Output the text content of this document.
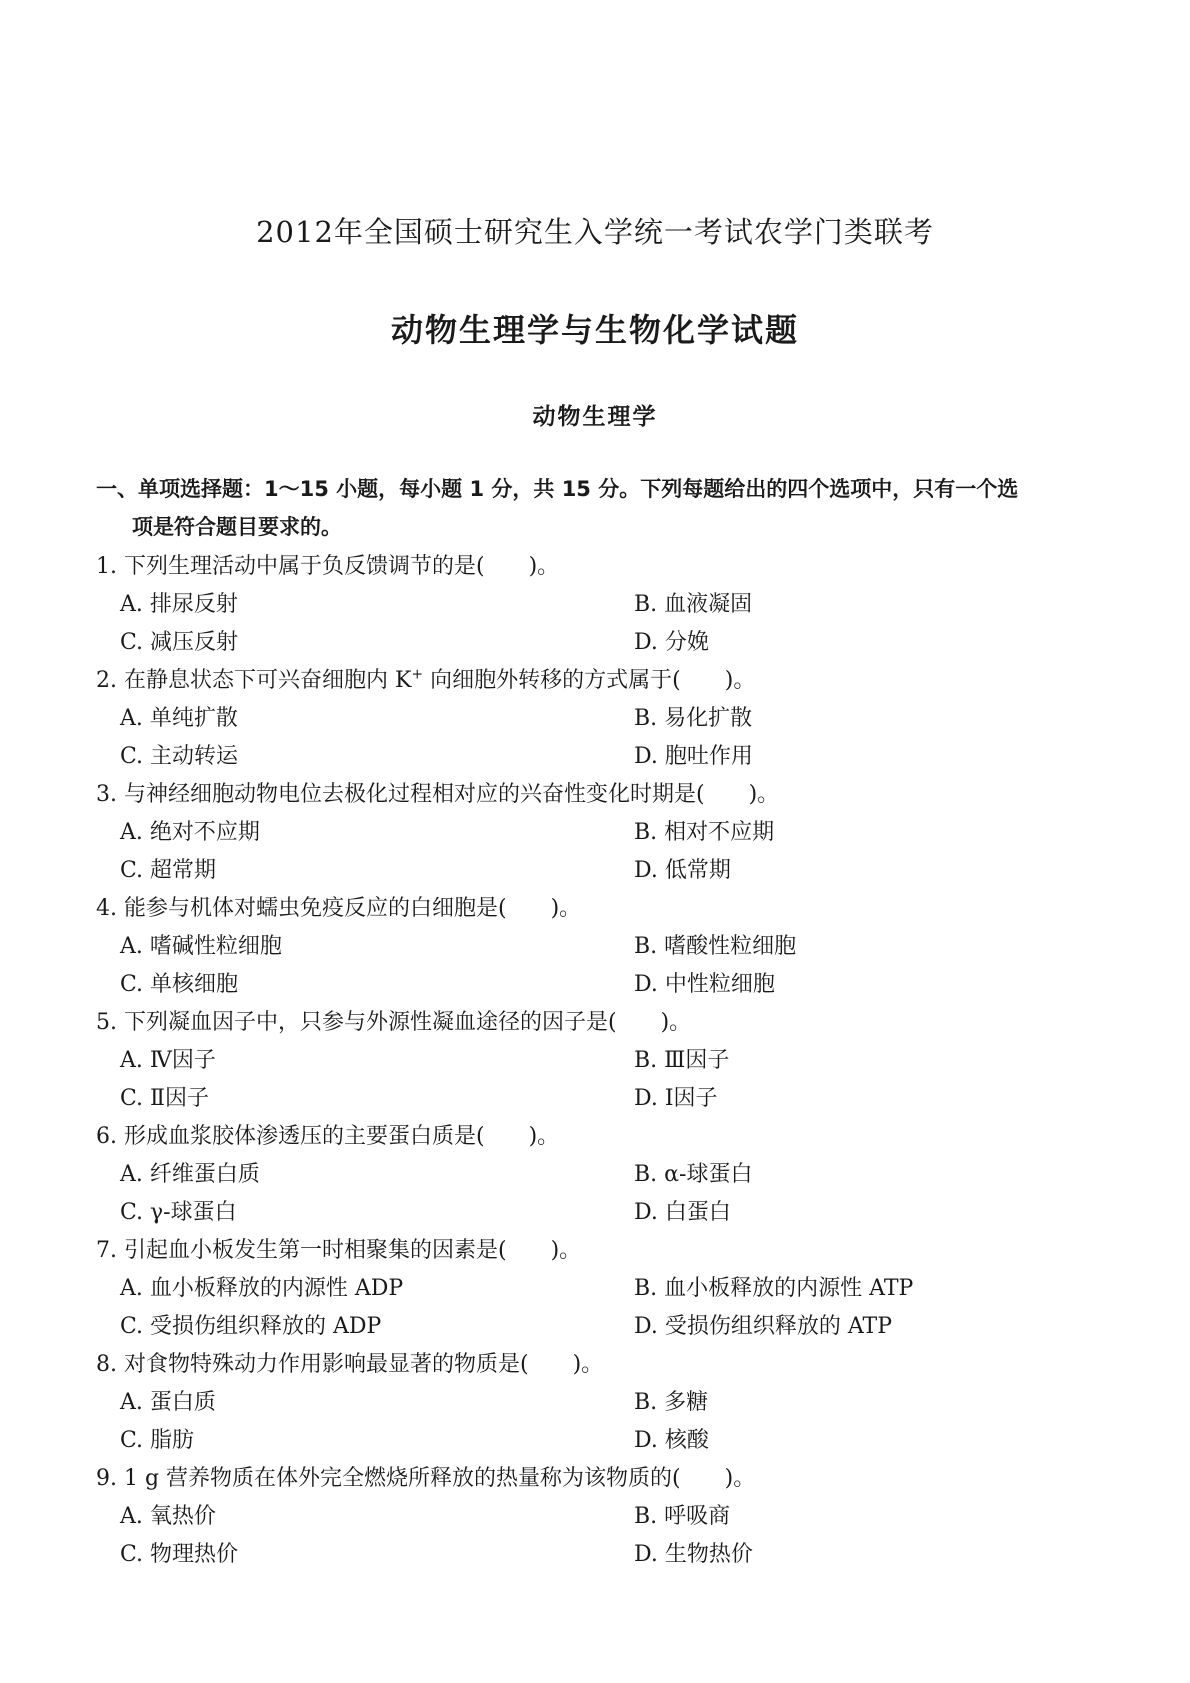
2012年全国硕士研究生入学统一考试农学门类联考
动物生理学与生物化学试题
动物生理学
一、单项选择题：1～15 小题，每小题 1 分，共 15 分。下列每题给出的四个选项中，只有一个选
项是符合题目要求的。
1. 下列生理活动中属于负反馈调节的是(　　)。
A. 排尿反射	B. 血液凝固
C. 减压反射	D. 分娩
2. 在静息状态下可兴奋细胞内 K+ 向细胞外转移的方式属于(　　)。
A. 单纯扩散	B. 易化扩散
C. 主动转运	D. 胞吐作用
3. 与神经细胞动物电位去极化过程相对应的兴奋性变化时期是(　　)。
A. 绝对不应期	B. 相对不应期
C. 超常期	D. 低常期
4. 能参与机体对蠕虫免疫反应的白细胞是(　　)。
A. 嗜碱性粒细胞	B. 嗜酸性粒细胞
C. 单核细胞	D. 中性粒细胞
5. 下列凝血因子中，只参与外源性凝血途径的因子是(　　)。
A. Ⅳ因子	B. Ⅲ因子
C. Ⅱ因子	D. Ⅰ因子
6. 形成血浆胶体渗透压的主要蛋白质是(　　)。
A. 纤维蛋白质	B. α-球蛋白
C. γ-球蛋白	D. 白蛋白
7. 引起血小板发生第一时相聚集的因素是(　　)。
A. 血小板释放的内源性 ADP	B. 血小板释放的内源性 ATP
C. 受损伤组织释放的 ADP	D. 受损伤组织释放的 ATP
8. 对食物特殊动力作用影响最显著的物质是(　　)。
A. 蛋白质	B. 多糖
C. 脂肪	D. 核酸
9. 1 g 营养物质在体外完全燃烧所释放的热量称为该物质的(　　)。
A. 氧热价	B. 呼吸商
C. 物理热价	D. 生物热价
